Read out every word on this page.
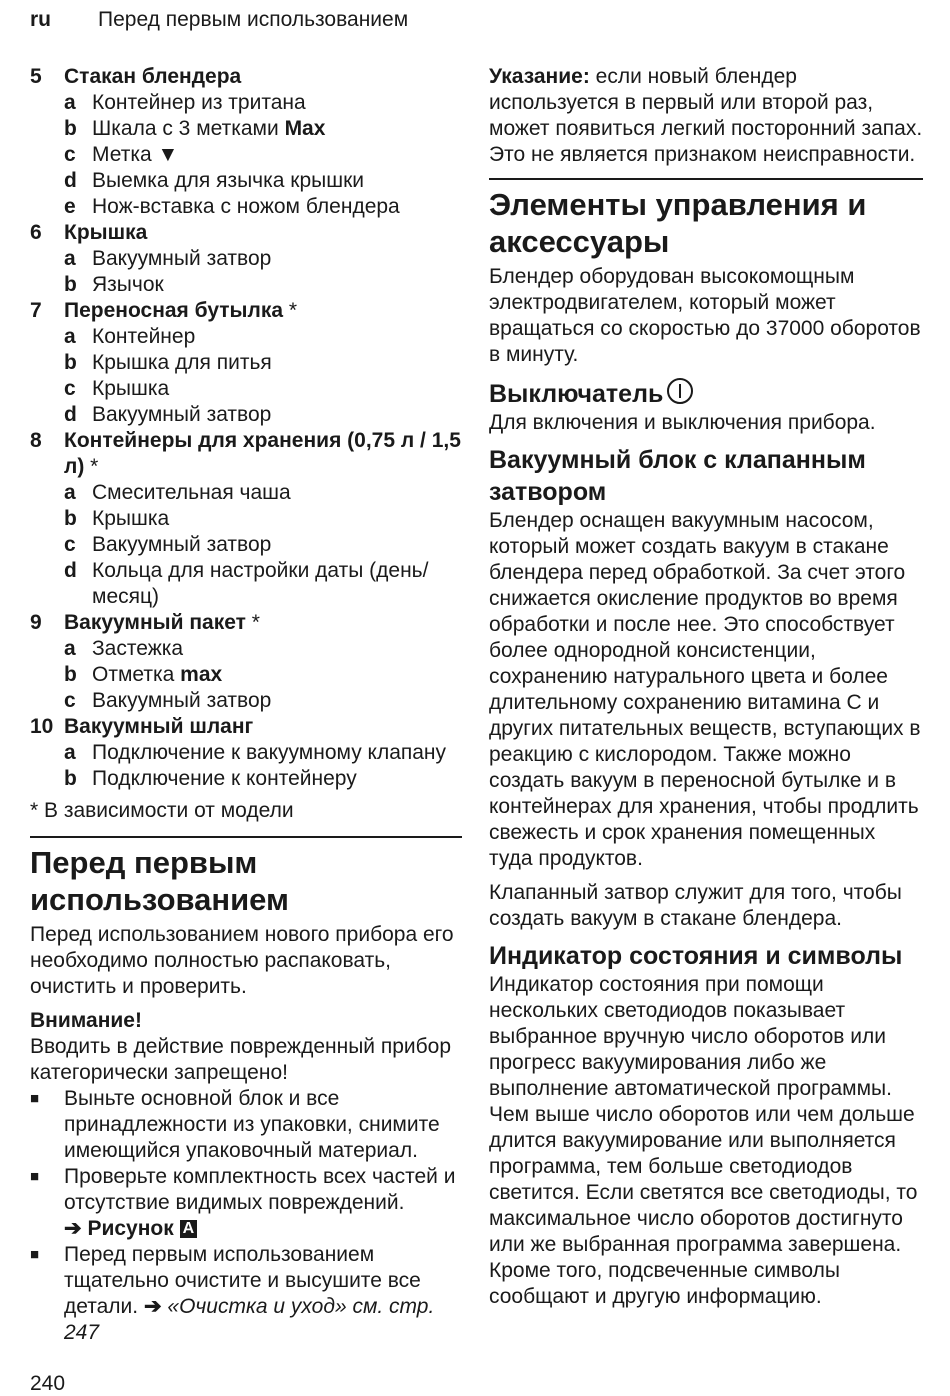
ru Перед первым использованием
5	Стакан блендера
a Контейнер из тритана
b Шкала с 3 метками Max
c Метка ▼
d Выемка для язычка крышки
e Нож-вставка с ножом блендера
6	Крышка
a Вакуумный затвор
b Язычок
7	Переносная бутылка *
a Контейнер
b Крышка для питья
c Крышка
d Вакуумный затвор
8	Контейнеры для хранения (0,75 л / 1,5 л) *
a Смесительная чаша
b Крышка
c Вакуумный затвор
d Кольца для настройки даты (день/месяц)
9	Вакуумный пакет *
a Застежка
b Отметка max
c Вакуумный затвор
10 Вакуумный шланг
a Подключение к вакуумному клапану
b Подключение к контейнеру
* В зависимости от модели
Перед первым использованием

Перед использованием нового прибора его необходимо полностью распаковать, очистить и проверить.

Внимание!

Вводить в действие поврежденный прибор категорически запрещено!

■	Выньте основной блок и все принадлежности из упаковки, снимите имеющийся упаковочный материал.
■	Проверьте комплектность всех частей и отсутствие видимых повреждений.
➔ Рисунок A
■	Перед первым использованием тщательно очистите и высушите все детали. ➔ «Очистка и уход» см. стр. 247

Указание: если новый блендер используется в первый или второй раз, может появиться легкий посторонний запах. Это не является признаком неисправности.

Элементы управления и аксессуары

Блендер оборудован высокомощным электродвигателем, который может вращаться со скоростью до 37000 оборотов в минуту.

Выключатель

Для включения и выключения прибора.

Вакуумный блок с клапанным затвором

Блендер оснащен вакуумным насосом, который может создать вакуум в стакане блендера перед обработкой. За счет этого снижается окисление продуктов во время обработки и после нее. Это способствует более однородной консистенции, сохранению натурального цвета и более длительному сохранению витамина С и других питательных веществ, вступающих в реакцию с кислородом. Также можно создать вакуум в переносной бутылке и в контейнерах для хранения, чтобы продлить свежесть и срок хранения помещенных туда продуктов.

Клапанный затвор служит для того, чтобы создать вакуум в стакане блендера.

Индикатор состояния и символы

Индикатор состояния при помощи нескольких светодиодов показывает выбранное вручную число оборотов или прогресс вакуумирования либо же выполнение автоматической программы. Чем выше число оборотов или чем дольше длится вакуумирование или выполняется программа, тем больше светодиодов светится. Если светятся все светодиоды, то максимальное число оборотов достигнуто или же выбранная программа завершена. Кроме того, подсвеченные символы сообщают и другую информацию.

240
